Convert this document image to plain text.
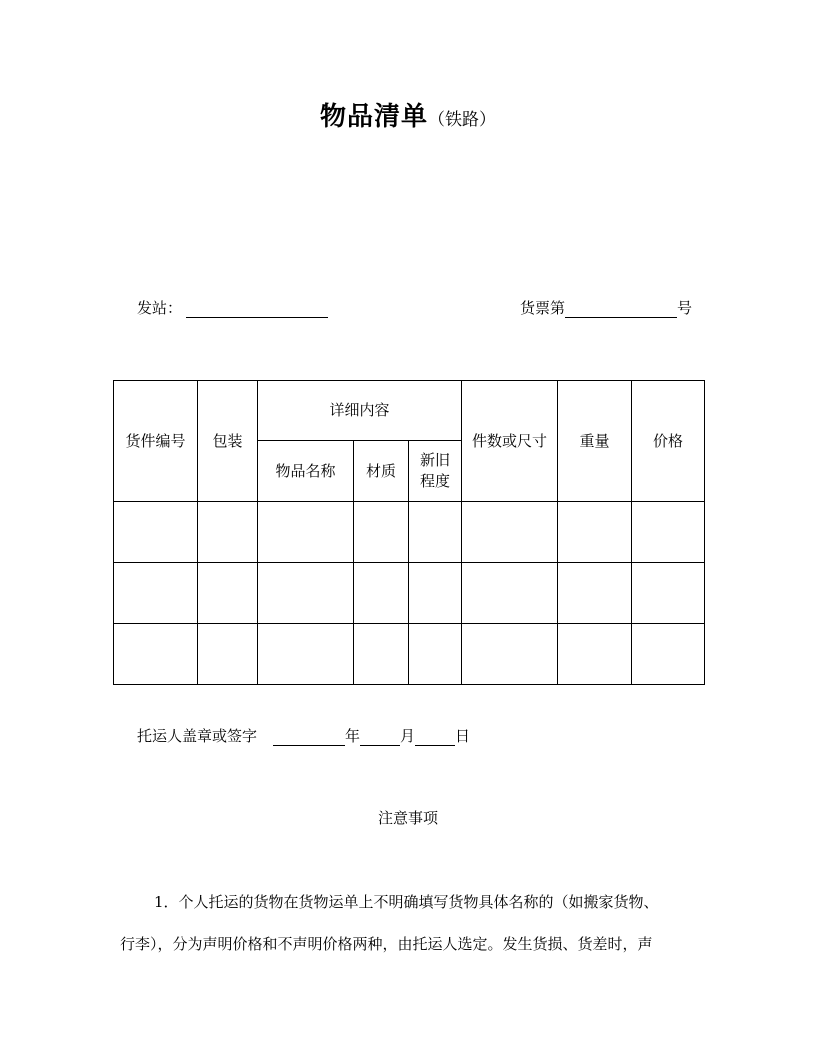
物品清单（铁路）
发站：	货票第	号
货件编号	包装	详细内容			件数或尺寸	重量	价格
		物品名称	材质	新旧
程度			

托运人盖章或签字	年	月	日
注意事项
1．个人托运的货物在货物运单上不明确填写货物具体名称的（如搬家货物、
行李），分为声明价格和不声明价格两种，由托运人选定。发生货损、货差时，声
